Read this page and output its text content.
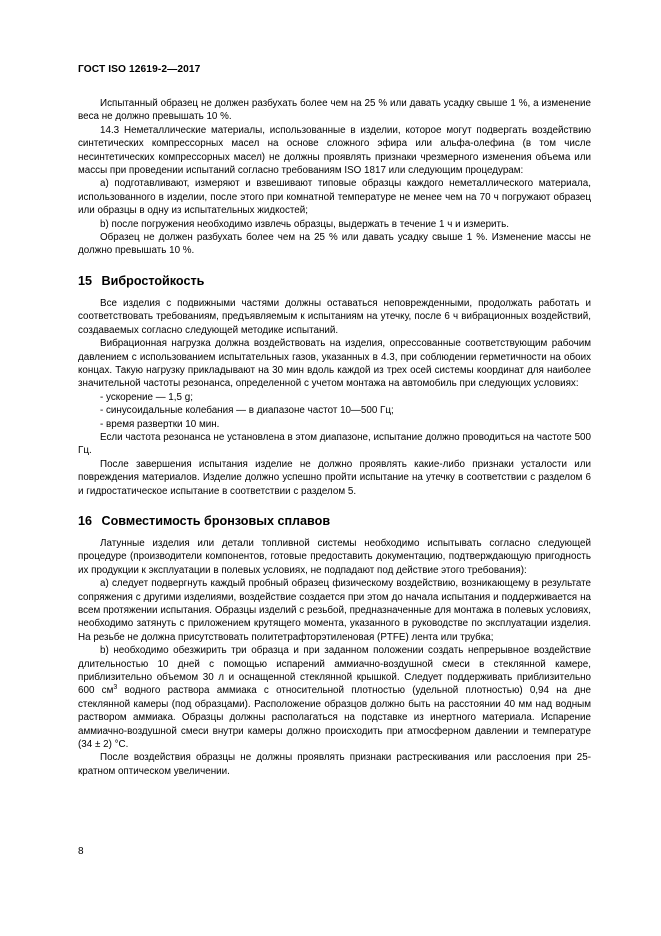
ГОСТ ISO 12619-2—2017

Испытанный образец не должен разбухать более чем на 25 % или давать усадку свыше 1 %, а изменение веса не должно превышать 10 %.

14.3 Неметаллические материалы, использованные в изделии, которое могут подвергать воздействию синтетических компрессорных масел на основе сложного эфира или альфа-олефина (в том числе несинтетических компрессорных масел) не должны проявлять признаки чрезмерного изменения объема или массы при проведении испытаний согласно требованиям ISO 1817 или следующим процедурам:

а) подготавливают, измеряют и взвешивают типовые образцы каждого неметаллического материала, использованного в изделии, после этого при комнатной температуре не менее чем на 70 ч погружают образец или образцы в одну из испытательных жидкостей;

b) после погружения необходимо извлечь образцы, выдержать в течение 1 ч и измерить.

Образец не должен разбухать более чем на 25 % или давать усадку свыше 1 %. Изменение массы не должно превышать 10 %.

15 Вибростойкость

Все изделия с подвижными частями должны оставаться неповрежденными, продолжать работать и соответствовать требованиям, предъявляемым к испытаниям на утечку, после 6 ч вибрационных воздействий, создаваемых согласно следующей методике испытаний.

Вибрационная нагрузка должна воздействовать на изделия, опрессованные соответствующим рабочим давлением с использованием испытательных газов, указанных в 4.3, при соблюдении герметичности на обоих концах. Такую нагрузку прикладывают на 30 мин вдоль каждой из трех осей системы координат для наиболее значительной частоты резонанса, определенной с учетом монтажа на автомобиль при следующих условиях:

- ускорение — 1,5 g;

- синусоидальные колебания — в диапазоне частот 10—500 Гц;

- время развертки 10 мин.

Если частота резонанса не установлена в этом диапазоне, испытание должно проводиться на частоте 500 Гц.

После завершения испытания изделие не должно проявлять какие-либо признаки усталости или повреждения материалов. Изделие должно успешно пройти испытание на утечку в соответствии с разделом 6 и гидростатическое испытание в соответствии с разделом 5.

16 Совместимость бронзовых сплавов

Латунные изделия или детали топливной системы необходимо испытывать согласно следующей процедуре (производители компонентов, готовые предоставить документацию, подтверждающую пригодность их продукции к эксплуатации в полевых условиях, не подпадают под действие этого требования):

а) следует подвергнуть каждый пробный образец физическому воздействию, возникающему в результате сопряжения с другими изделиями, воздействие создается при этом до начала испытания и поддерживается на всем протяжении испытания. Образцы изделий с резьбой, предназначенные для монтажа в полевых условиях, необходимо затянуть с приложением крутящего момента, указанного в руководстве по эксплуатации изделия. На резьбе не должна присутствовать политетрафторэтиленовая (PTFE) лента или трубка;

b) необходимо обезжирить три образца и при заданном положении создать непрерывное воздействие длительностью 10 дней с помощью испарений аммиачно-воздушной смеси в стеклянной камере, приблизительно объемом 30 л и оснащенной стеклянной крышкой. Следует поддерживать приблизительно 600 $см^3$ водного раствора аммиака с относительной плотностью (удельной плотностью) 0,94 на дне стеклянной камеры (под образцами). Расположение образцов должно быть на расстоянии 40 мм над водным раствором аммиака. Образцы должны располагаться на подставке из инертного материала. Испарение аммиачно-воздушной смеси внутри камеры должно происходить при атмосферном давлении и температуре (34 ± 2) °С.

После воздействия образцы не должны проявлять признаки растрескивания или расслоения при 25-кратном оптическом увеличении.

8
